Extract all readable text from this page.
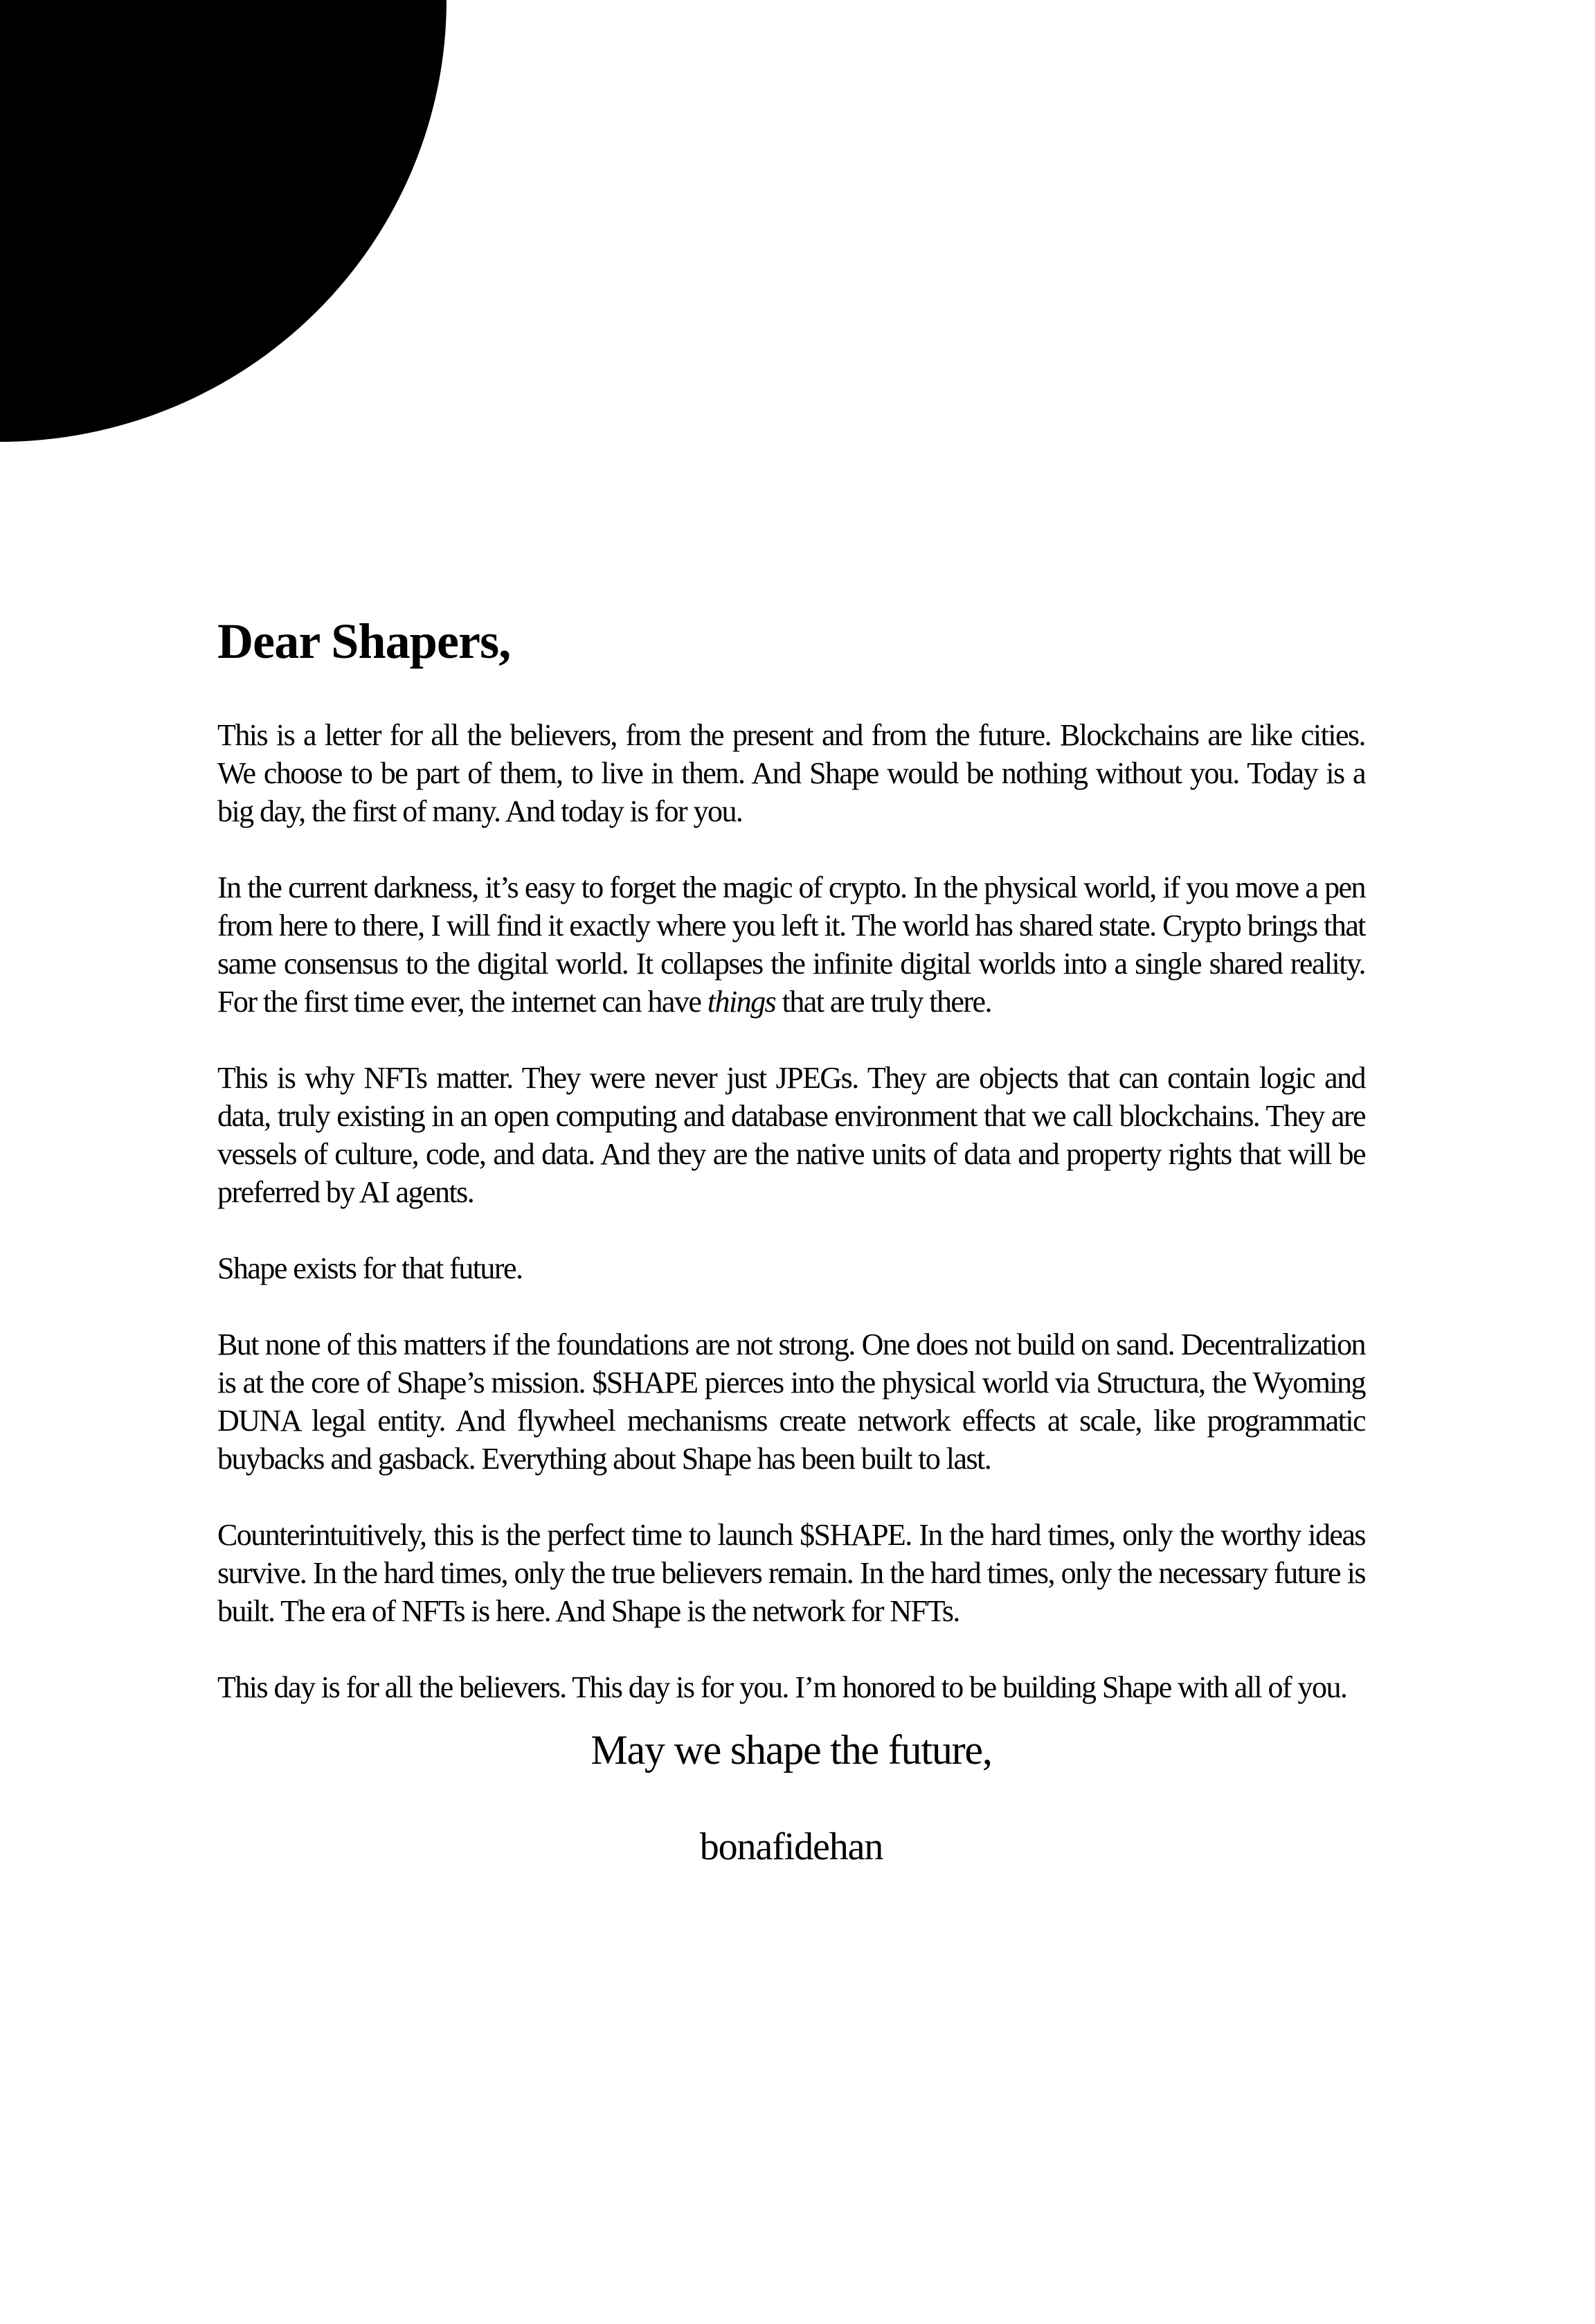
Dear Shapers,

This is a letter for all the believers, from the present and from the future. Blockchains are like cities. We choose to be part of them, to live in them. And Shape would be nothing without you. Today is a big day, the first of many. And today is for you.

In the current darkness, it’s easy to forget the magic of crypto. In the physical world, if you move a pen from here to there, I will find it exactly where you left it. The world has shared state. Crypto brings that same consensus to the digital world. It collapses the infinite digital worlds into a single shared reality. For the first time ever, the internet can have things that are truly there.

This is why NFTs matter. They were never just JPEGs. They are objects that can contain logic and data, truly existing in an open computing and database environment that we call blockchains. They are vessels of culture, code, and data. And they are the native units of data and property rights that will be preferred by AI agents.

Shape exists for that future.

But none of this matters if the foundations are not strong. One does not build on sand. Decentralization is at the core of Shape’s mission. $SHAPE pierces into the physical world via Structura, the Wyoming DUNA legal entity. And flywheel mechanisms create network effects at scale, like programmatic buybacks and gasback. Everything about Shape has been built to last.

Counterintuitively, this is the perfect time to launch $SHAPE. In the hard times, only the worthy ideas survive. In the hard times, only the true believers remain. In the hard times, only the necessary future is built. The era of NFTs is here. And Shape is the network for NFTs.

This day is for all the believers. This day is for you. I’m honored to be building Shape with all of you.

May we shape the future,

bonafidehan
